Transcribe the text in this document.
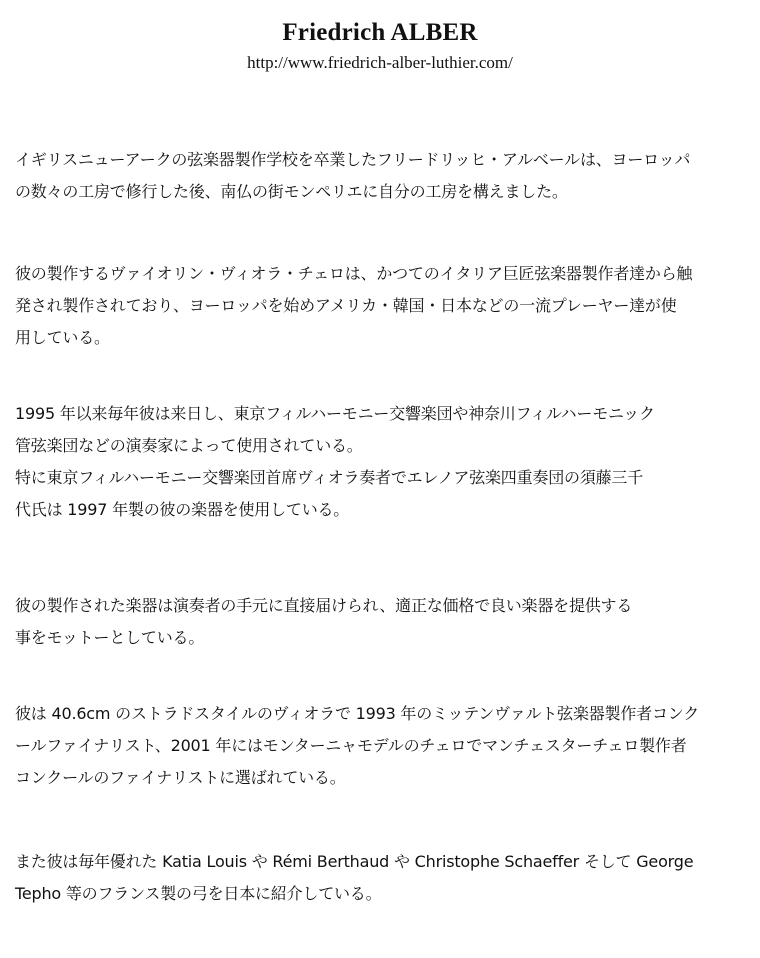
Friedrich ALBER
http://www.friedrich-alber-luthier.com/

イギリスニューアークの弦楽器製作学校を卒業したフリードリッヒ・アルベールは、ヨーロッパ
の数々の工房で修行した後、南仏の街モンペリエに自分の工房を構えました。

彼の製作するヴァイオリン・ヴィオラ・チェロは、かつてのイタリア巨匠弦楽器製作者達から触
発され製作されており、ヨーロッパを始めアメリカ・韓国・日本などの一流プレーヤー達が使
用している。

1995 年以来毎年彼は来日し、東京フィルハーモニー交響楽団や神奈川フィルハーモニック
管弦楽団などの演奏家によって使用されている。
特に東京フィルハーモニー交響楽団首席ヴィオラ奏者でエレノア弦楽四重奏団の須藤三千
代氏は 1997 年製の彼の楽器を使用している。

彼の製作された楽器は演奏者の手元に直接届けられ、適正な価格で良い楽器を提供する
事をモットーとしている。

彼は 40.6cm のストラドスタイルのヴィオラで 1993 年のミッテンヴァルト弦楽器製作者コンク
ールファイナリスト、2001 年にはモンターニャモデルのチェロでマンチェスターチェロ製作者
コンクールのファイナリストに選ばれている。

また彼は毎年優れた Katia Louis や Rémi Berthaud や Christophe Schaeffer そして George
Tepho 等のフランス製の弓を日本に紹介している。
